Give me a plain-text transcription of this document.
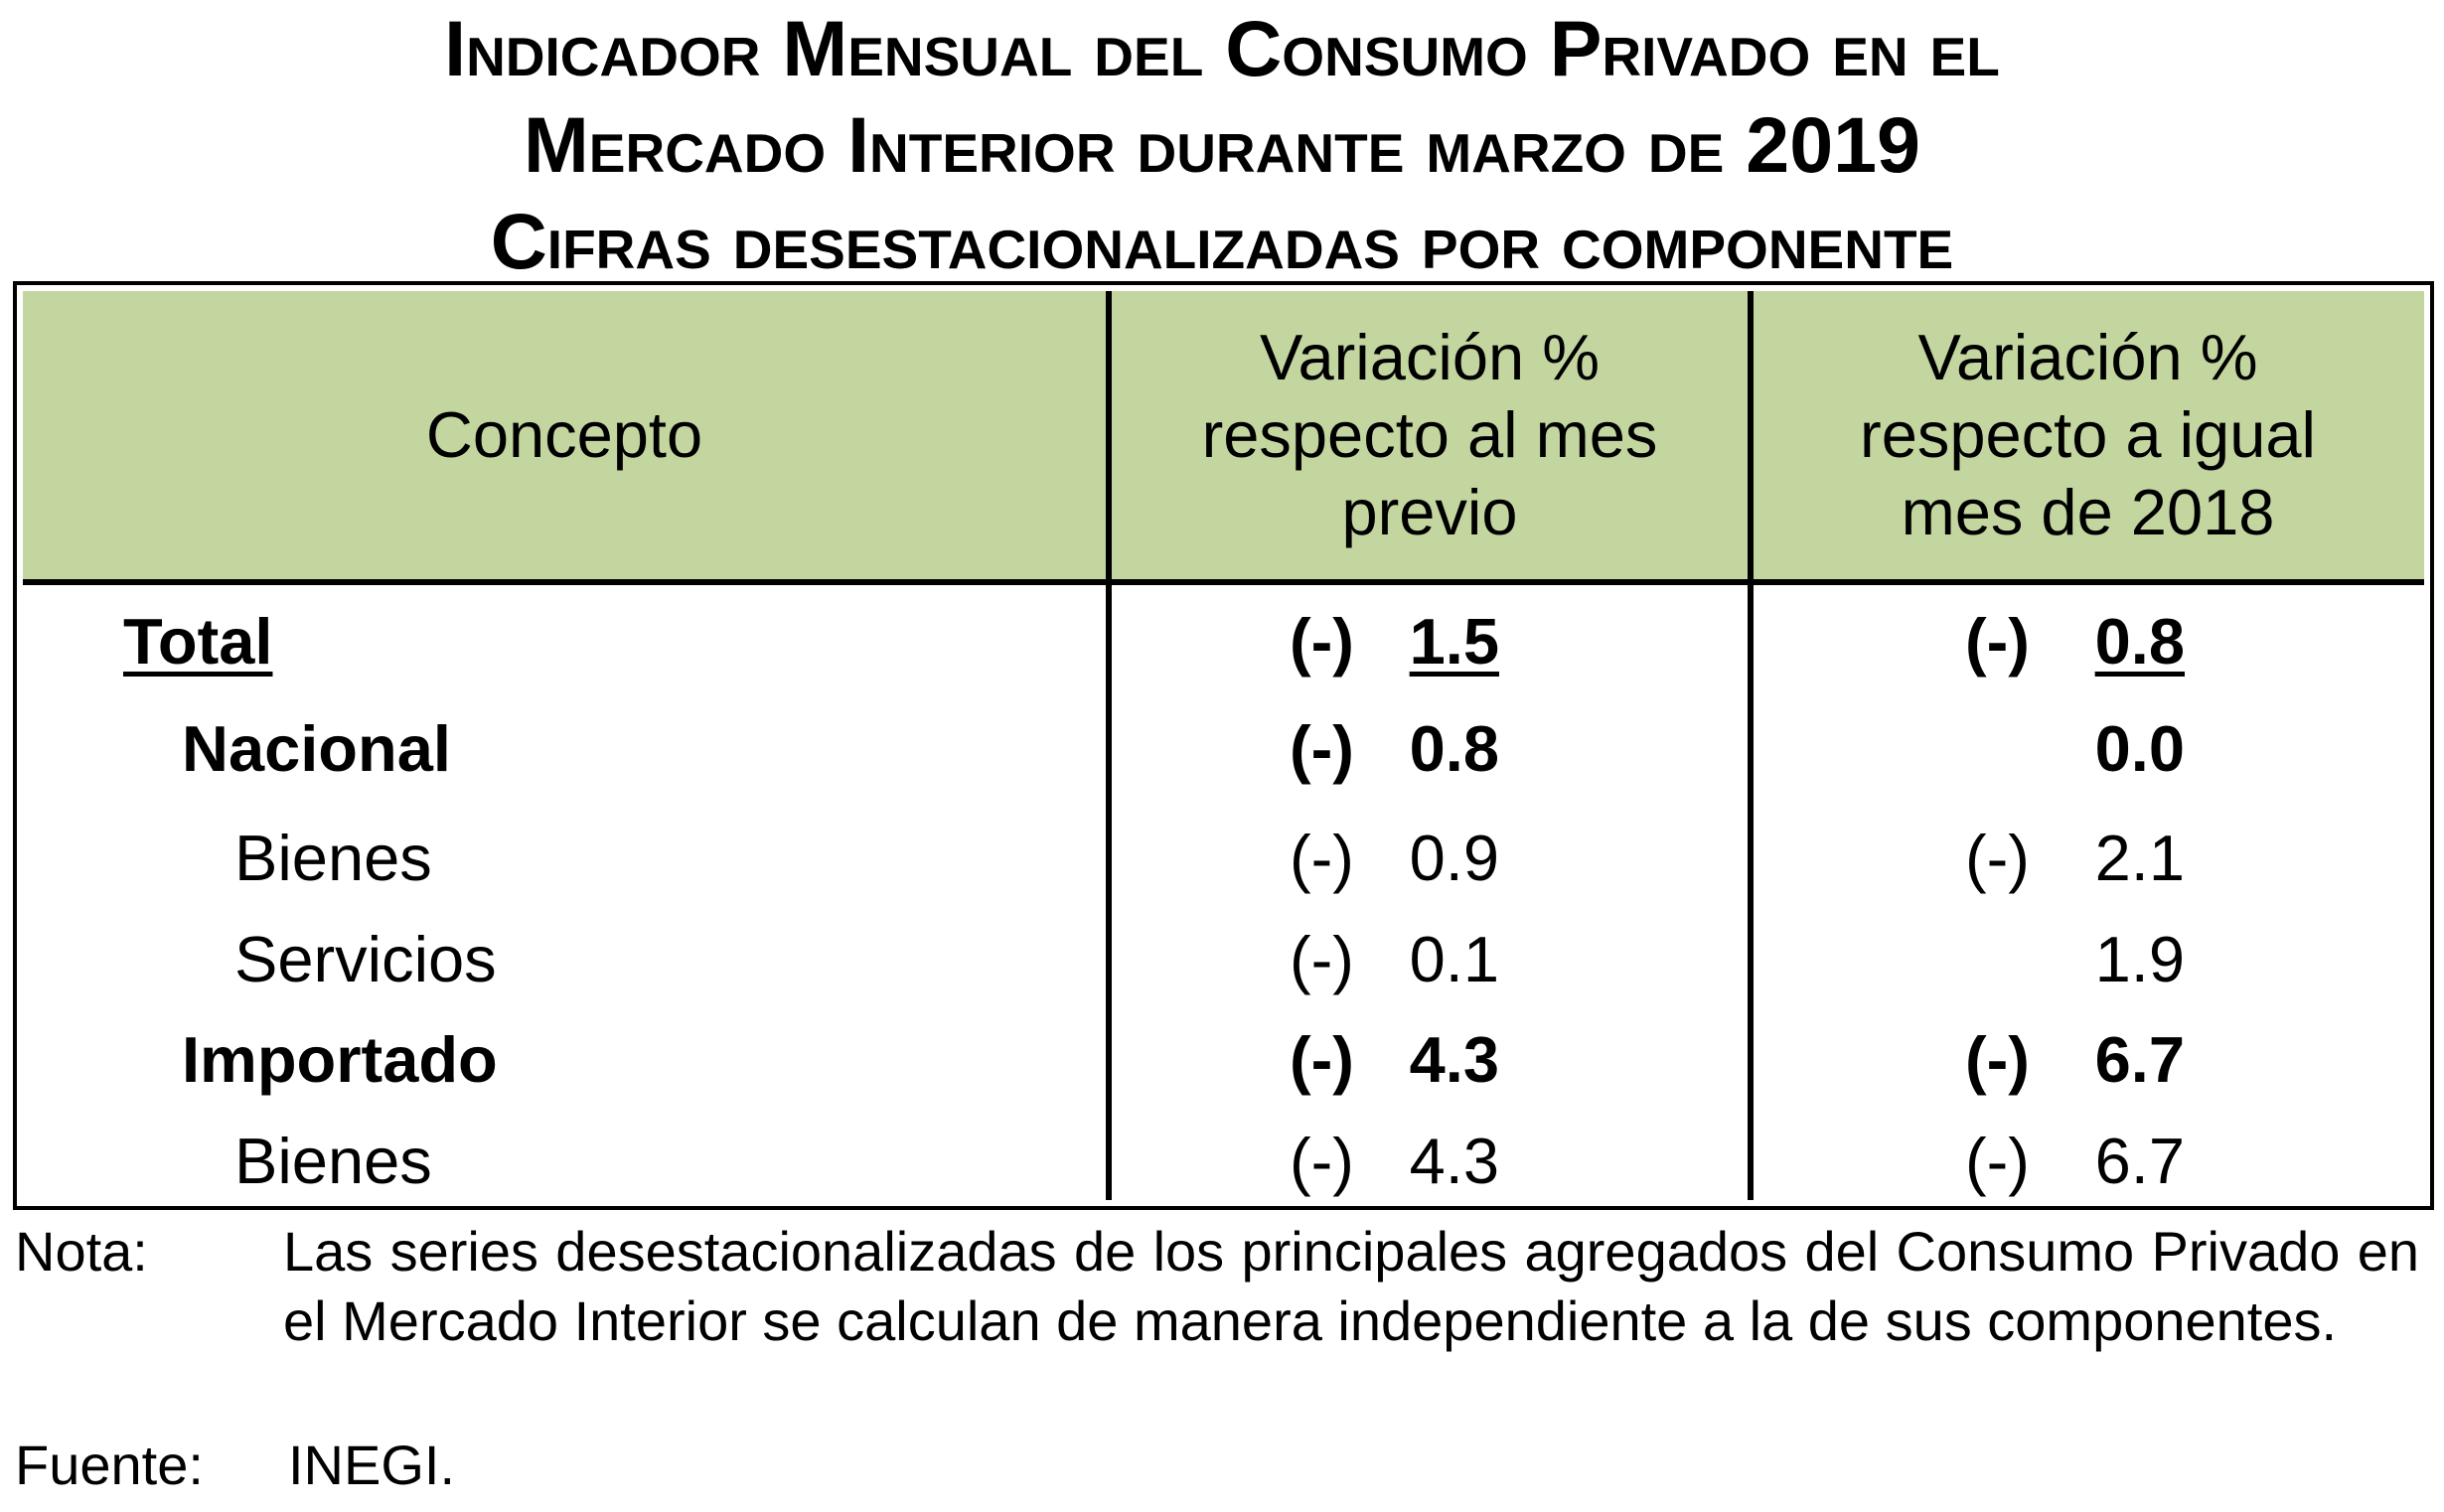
Indicador Mensual del Consumo Privado en el
Mercado Interior durante marzo de 2019
Cifras desestacionalizadas por componente
Concepto
Variación %
respecto al mes
previo
Variación %
respecto a igual
mes de 2018
Total	(-) 1.5	(-)	0.8
Nacional	(-) 0.8	0.0
Bienes	(-) 0.9	(-)	2.1
Servicios	(-) 0.1	1.9
Importado	(-) 4.3	(-)	6.7
Bienes	(-) 4.3	(-)	6.7
Nota: Las series desestacionalizadas de los principales agregados del Consumo Privado en el Mercado Interior se calculan de manera independiente a la de sus componentes.
Fuente: INEGI.
